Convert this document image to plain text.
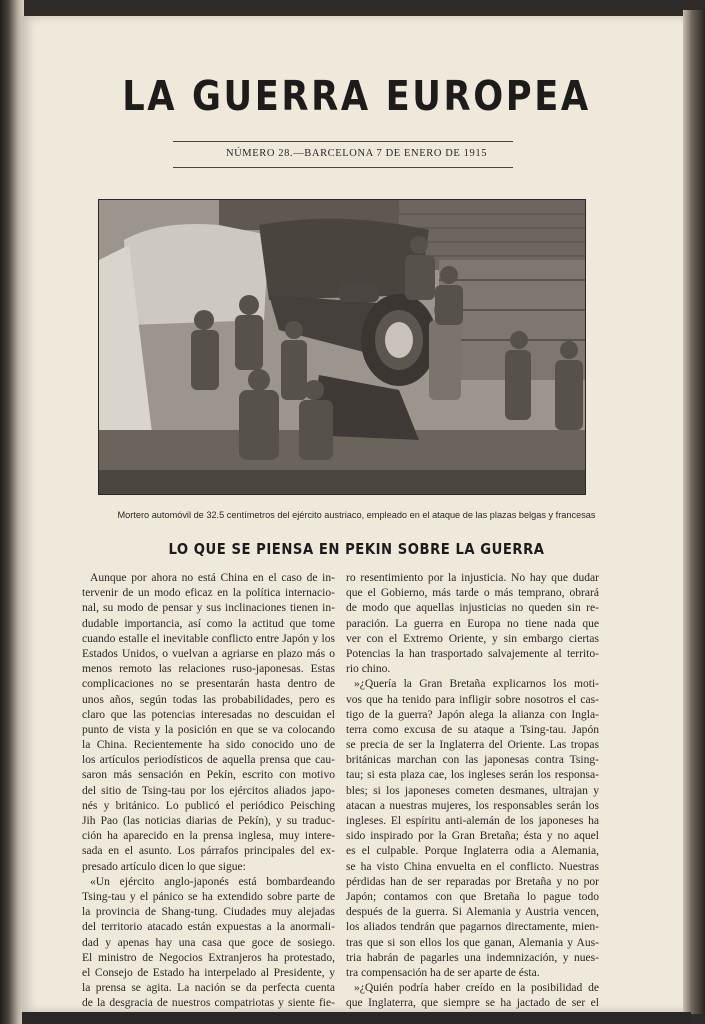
LA GUERRA EUROPEA
NÚMERO 28.—BARCELONA 7 DE ENERO DE 1915
Mortero automóvil de 32.5 centímetros del ejército austriaco, empleado en el ataque de las plazas belgas y francesas
LO QUE SE PIENSA EN PEKIN SOBRE LA GUERRA
Aunque por ahora no está China en el caso de in-
tervenir de un modo eficaz en la política internacio-
nal, su modo de pensar y sus inclinaciones tienen in-
dudable importancia, así como la actitud que tome
cuando estalle el inevitable conflicto entre Japón y los
Estados Unidos, o vuelvan a agriarse en plazo más o
menos remoto las relaciones ruso-japonesas. Estas
complicaciones no se presentarán hasta dentro de
unos años, según todas las probabilidades, pero es
claro que las potencias interesadas no descuidan el
punto de vista y la posición en que se va colocando
la China. Recientemente ha sido conocido uno de
los artículos periodísticos de aquella prensa que cau-
saron más sensación en Pekín, escrito con motivo
del sitio de Tsing-tau por los ejércitos aliados japo-
nés y británico. Lo publicó el periódico Peisching
Jih Pao (las noticias diarias de Pekín), y su traduc-
ción ha aparecido en la prensa inglesa, muy intere-
sada en el asunto. Los párrafos principales del ex-
presado artículo dicen lo que sigue:
«Un ejército anglo-japonés está bombardeando
Tsing-tau y el pánico se ha extendido sobre parte de
la provincia de Shang-tung. Ciudades muy alejadas
del territorio atacado están expuestas a la anormali-
dad y apenas hay una casa que goce de sosiego.
El ministro de Negocios Extranjeros ha protestado,
el Consejo de Estado ha interpelado al Presidente, y
la prensa se agita. La nación se da perfecta cuenta
de la desgracia de nuestros compatriotas y siente fie-
ro resentimiento por la injusticia. No hay que dudar
que el Gobierno, más tarde o más temprano, obrará
de modo que aquellas injusticias no queden sin re-
paración. La guerra en Europa no tiene nada que
ver con el Extremo Oriente, y sin embargo ciertas
Potencias la han trasportado salvajemente al territo-
rio chino.
»¿Quería la Gran Bretaña explicarnos los moti-
vos que ha tenido para infligir sobre nosotros el cas-
tigo de la guerra? Japón alega la alianza con Ingla-
terra como excusa de su ataque a Tsing-tau. Japón
se precia de ser la Inglaterra del Oriente. Las tropas
británicas marchan con las japonesas contra Tsing-
tau; si esta plaza cae, los ingleses serán los responsa-
bles; si los japoneses cometen desmanes, ultrajan y
atacan a nuestras mujeres, los responsables serán los
ingleses. El espíritu anti-alemán de los japoneses ha
sido inspirado por la Gran Bretaña; ésta y no aquel
es el culpable. Porque Inglaterra odia a Alemania,
se ha visto China envuelta en el conflicto. Nuestras
pérdidas han de ser reparadas por Bretaña y no por
Japón; contamos con que Bretaña lo pague todo
después de la guerra. Si Alemania y Austria vencen,
los aliados tendrán que pagarnos directamente, mien-
tras que si son ellos los que ganan, Alemania y Aus-
tria habrán de pagarles una indemnización, y nues-
tra compensación ha de ser aparte de ésta.
»¿Quién podría haber creído en la posibilidad de
que Inglaterra, que siempre se ha jactado de ser el
